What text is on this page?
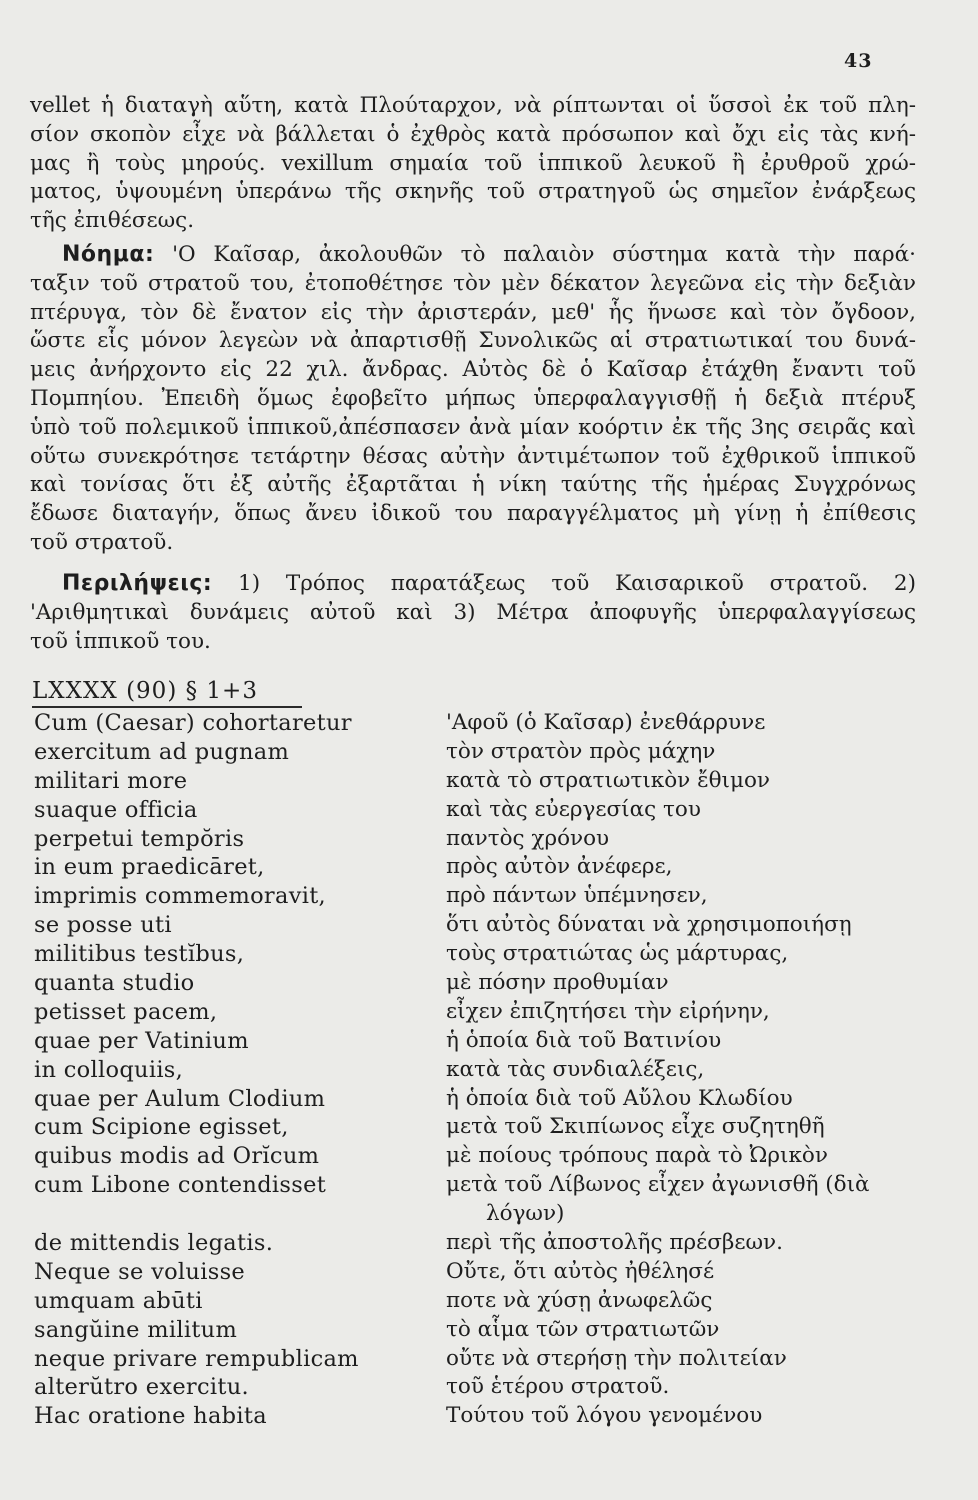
43
vellet ἡ διαταγὴ αὕτη, κατὰ Πλούταρχον, νὰ ρίπτωνται οἱ ὕσσοὶ ἐκ τοῦ πλη-
σίον σκοπὸν εἶχε νὰ βάλλεται ὁ ἐχθρὸς κατὰ πρόσωπον καὶ ὄχι εἰς τὰς κνή-
μας ἢ τοὺς μηρούς. vexillum σημαία τοῦ ἱππικοῦ λευκοῦ ἢ ἐρυθροῦ χρώ-
ματος, ὑψουμένη ὑπεράνω τῆς σκηνῆς τοῦ στρατηγοῦ ὡς σημεῖον ἐνάρξεως
τῆς ἐπιθέσεως.
Νόημα: 'Ο Καῖσαρ, ἀκολουθῶν τὸ παλαιὸν σύστημα κατὰ τὴν παρά·
ταξιν τοῦ στρατοῦ του, ἐτοποθέτησε τὸν μὲν δέκατον λεγεῶνα εἰς τὴν δεξιὰν
πτέρυγα, τὸν δὲ ἔνατον εἰς τὴν ἀριστεράν, μεθ' ἧς ἥνωσε καὶ τὸν ὄγδοον,
ὥστε εἷς μόνον λεγεὼν νὰ ἀπαρτισθῇ Συνολικῶς αἱ στρατιωτικαί του δυνά-
μεις ἀνήρχοντο εἰς 22 χιλ. ἄνδρας. Αὐτὸς δὲ ὁ Καῖσαρ ἐτάχθη ἔναντι τοῦ
Πομπηίου. Ἐπειδὴ ὅμως ἐφοβεῖτο μήπως ὑπερφαλαγγισθῇ ἡ δεξιὰ πτέρυξ
ὑπὸ τοῦ πολεμικοῦ ἱππικοῦ,ἀπέσπασεν ἀνὰ μίαν κοόρτιν ἐκ τῆς 3ης σειρᾶς καὶ
οὕτω συνεκρότησε τετάρτην θέσας αὐτὴν ἀντιμέτωπον τοῦ ἐχθρικοῦ ἱππικοῦ
καὶ τονίσας ὅτι ἐξ αὐτῆς ἐξαρτᾶται ἡ νίκη ταύτης τῆς ἡμέρας Συγχρόνως
ἔδωσε διαταγήν, ὅπως ἄνευ ἰδικοῦ του παραγγέλματος μὴ γίνῃ ἡ ἐπίθεσις
τοῦ στρατοῦ.
Περιλήψεις: 1) Τρόπος παρατάξεως τοῦ Καισαρικοῦ στρατοῦ. 2)
'Αριθμητικαὶ δυνάμεις αὐτοῦ καὶ 3) Μέτρα ἀποφυγῆς ὑπερφαλαγγίσεως
τοῦ ἱππικοῦ του.
LXXXX (90) § 1+3
Cum (Caesar) cohortaretur
exercitum ad pugnam
militari more
suaque officia
perpetui tempŏris
in eum praedicāret,
imprimis commemoravit,
se posse uti
militibus testĭbus,
quanta studio
petisset pacem,
quae per Vatinium
in colloquiis,
quae per Aulum Clodium
cum Scipione egisset,
quibus modis ad Orĭcum
cum Libone contendisset
de mittendis legatis.
Neque se voluisse
umquam abūti
sangŭine militum
neque privare rempublicam
alterŭtro exercitu.
Hac oratione habita
'Αφοῦ (ὁ Καῖσαρ) ἐνεθάρρυνε
τὸν στρατὸν πρὸς μάχην
κατὰ τὸ στρατιωτικὸν ἔθιμον
καὶ τὰς εὐεργεσίας του
παντὸς χρόνου
πρὸς αὐτὸν ἀνέφερε,
πρὸ πάντων ὑπέμνησεν,
ὅτι αὐτὸς δύναται νὰ χρησιμοποιήσῃ
τοὺς στρατιώτας ὡς μάρτυρας,
μὲ πόσην προθυμίαν
εἶχεν ἐπιζητήσει τὴν εἰρήνην,
ἡ ὁποία διὰ τοῦ Βατινίου
κατὰ τὰς συνδιαλέξεις,
ἡ ὁποία διὰ τοῦ Αὔλου Κλωδίου
μετὰ τοῦ Σκιπίωνος εἶχε συζητηθῆ
μὲ ποίους τρόπους παρὰ τὸ Ὠρικὸν
μετὰ τοῦ Λίβωνος εἶχεν ἀγωνισθῆ (διὰ
λόγων)
περὶ τῆς ἀποστολῆς πρέσβεων.
Οὔτε, ὅτι αὐτὸς ἠθέλησέ
ποτε νὰ χύσῃ ἀνωφελῶς
τὸ αἷμα τῶν στρατιωτῶν
οὔτε νὰ στερήσῃ τὴν πολιτείαν
τοῦ ἑτέρου στρατοῦ.
Τούτου τοῦ λόγου γενομένου
